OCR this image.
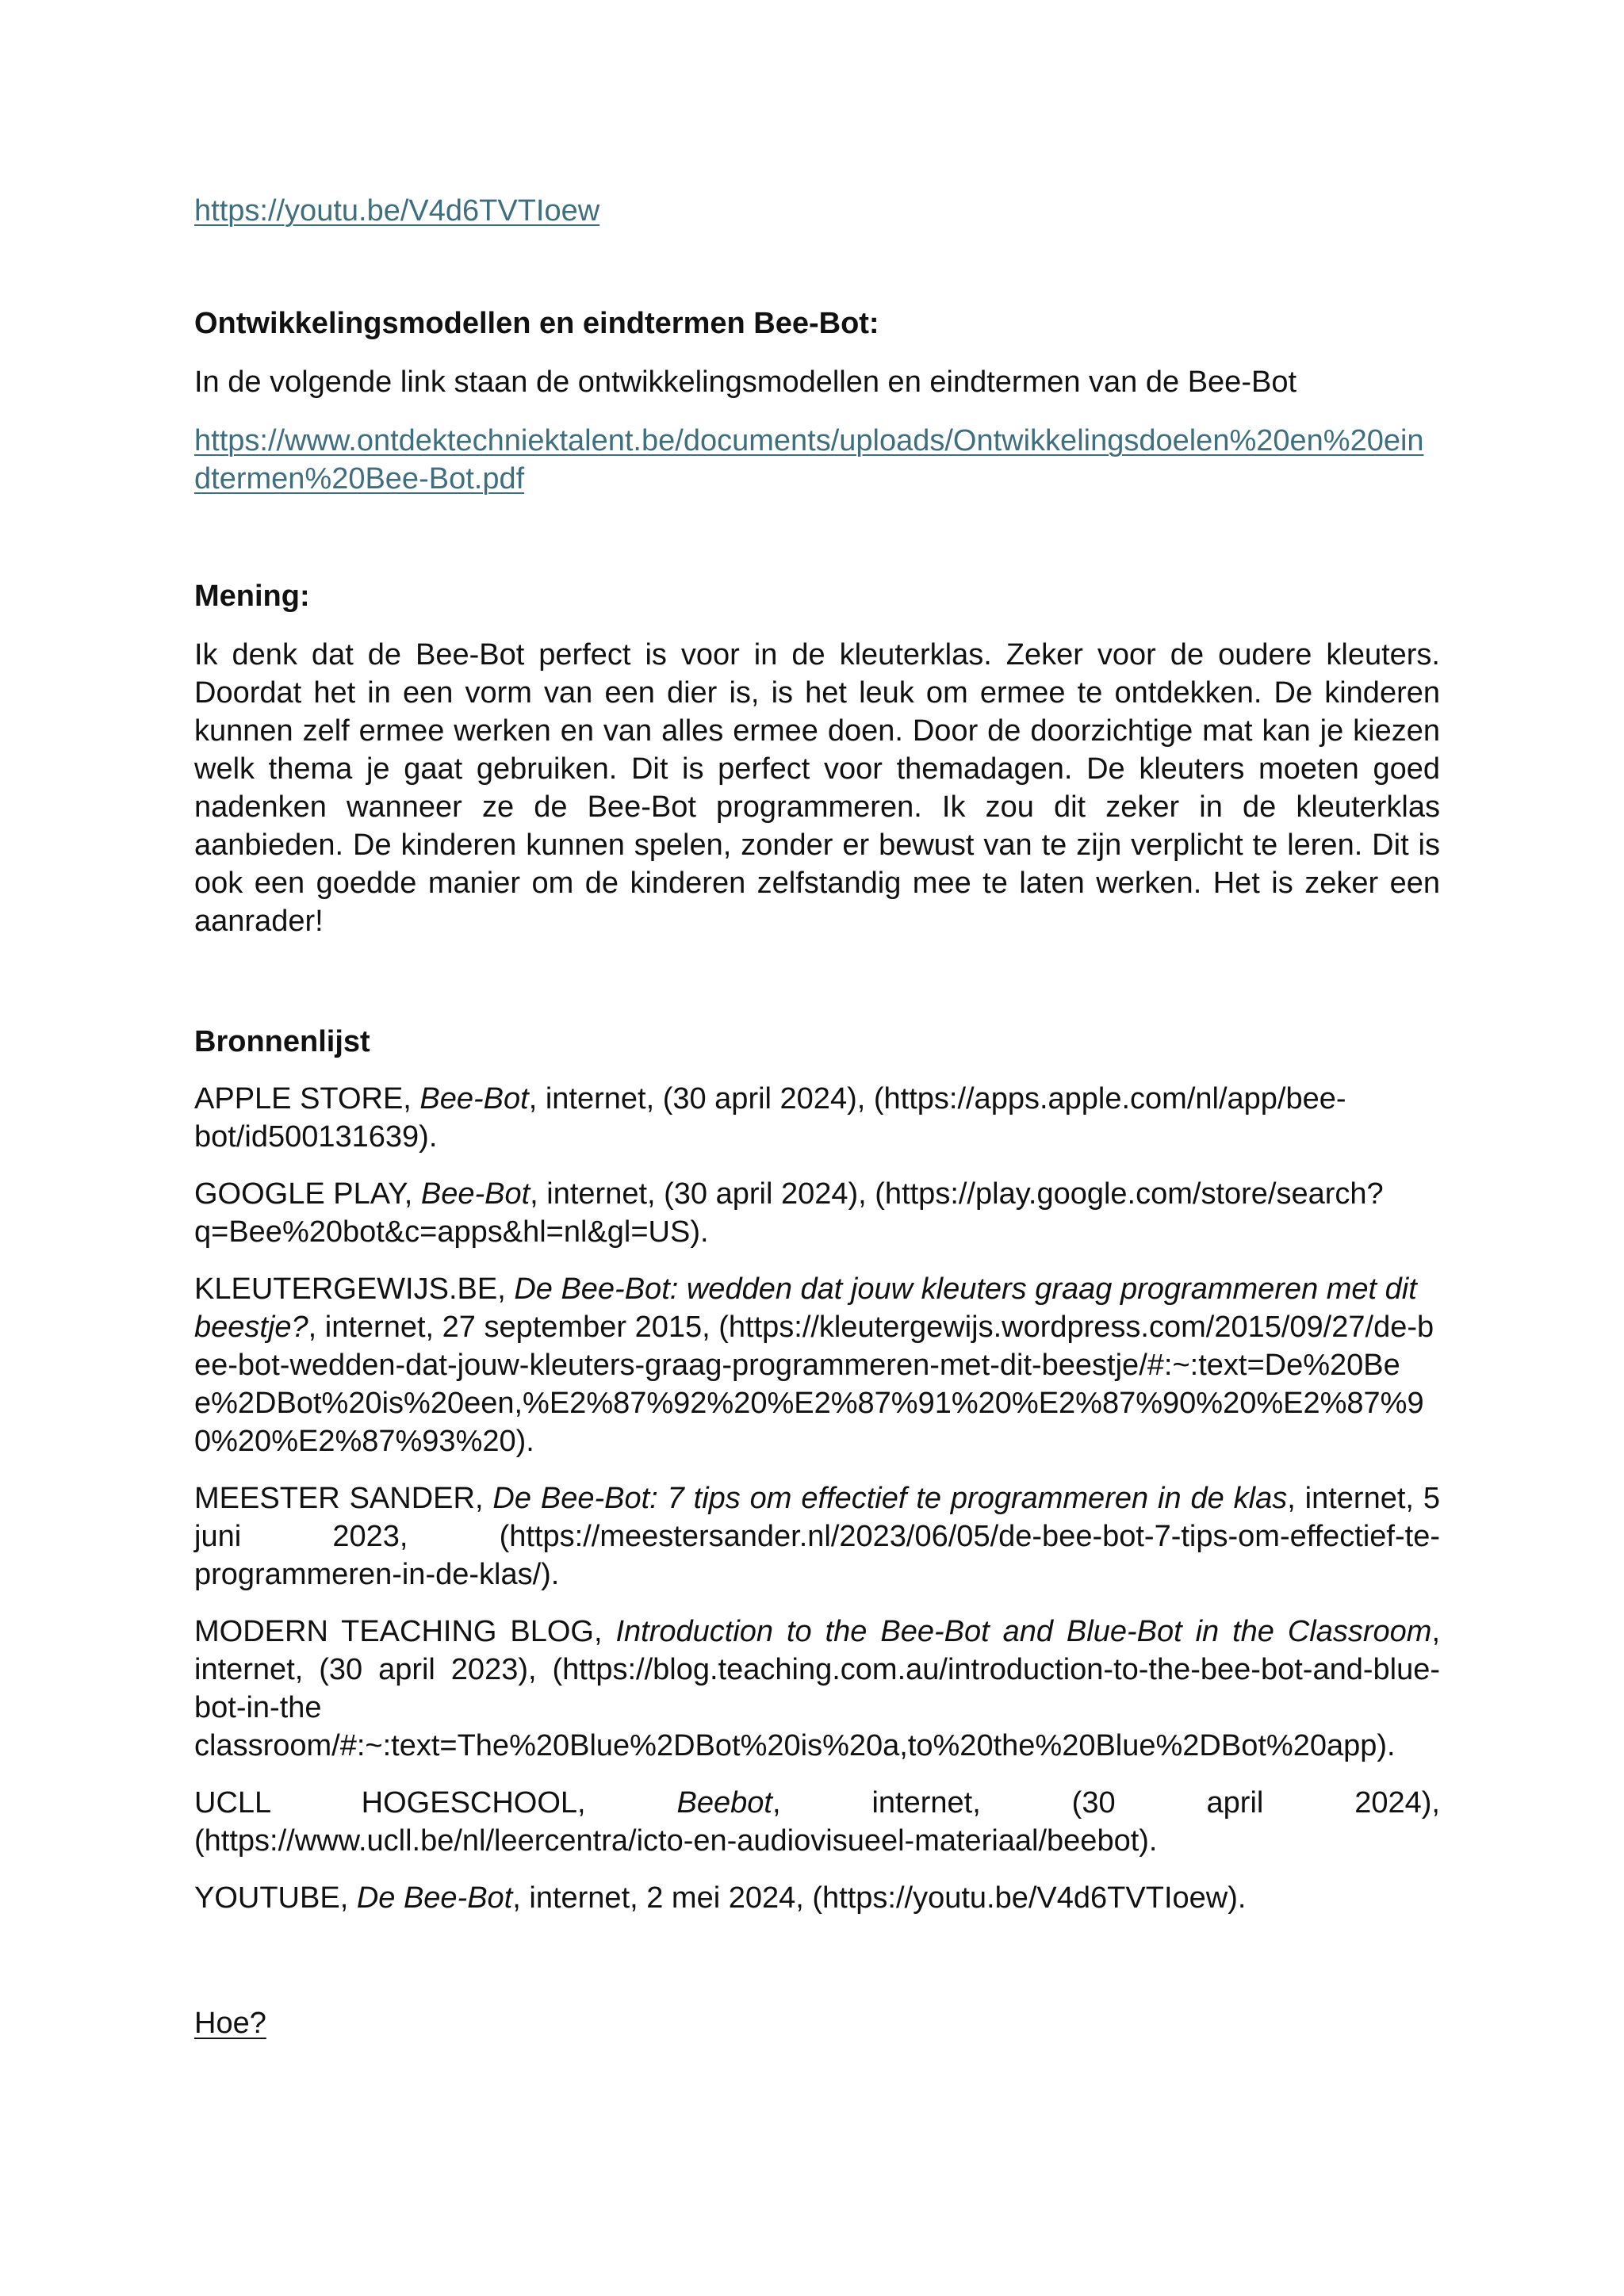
https://youtu.be/V4d6TVTIoew

Ontwikkelingsmodellen en eindtermen Bee-Bot:

In de volgende link staan de ontwikkelingsmodellen en eindtermen van de Bee-Bot

https://www.ontdektechniektalent.be/documents/uploads/Ontwikkelingsdoelen%20en%20eindtermen%20Bee-Bot.pdf

Mening:

Ik denk dat de Bee-Bot perfect is voor in de kleuterklas. Zeker voor de oudere kleuters. Doordat het in een vorm van een dier is, is het leuk om ermee te ontdekken. De kinderen kunnen zelf ermee werken en van alles ermee doen. Door de doorzichtige mat kan je kiezen welk thema je gaat gebruiken. Dit is perfect voor themadagen. De kleuters moeten goed nadenken wanneer ze de Bee-Bot programmeren. Ik zou dit zeker in de kleuterklas aanbieden. De kinderen kunnen spelen, zonder er bewust van te zijn verplicht te leren. Dit is ook een goedde manier om de kinderen zelfstandig mee te laten werken. Het is zeker een aanrader!

Bronnenlijst

APPLE STORE, Bee-Bot, internet, (30 april 2024), (https://apps.apple.com/nl/app/bee-bot/id500131639).

GOOGLE PLAY, Bee-Bot, internet, (30 april 2024), (https://play.google.com/store/search?q=Bee%20bot&c=apps&hl=nl&gl=US).

KLEUTERGEWIJS.BE, De Bee-Bot: wedden dat jouw kleuters graag programmeren met dit beestje?, internet, 27 september 2015, (https://kleutergewijs.wordpress.com/2015/09/27/de-bee-bot-wedden-dat-jouw-kleuters-graag-programmeren-met-dit-beestje/#:~:text=De%20Bee%2DBot%20is%20een,%E2%87%92%20%E2%87%91%20%E2%87%90%20%E2%87%90%20%E2%87%93%20).

MEESTER SANDER, De Bee-Bot: 7 tips om effectief te programmeren in de klas, internet, 5 juni 2023, (https://meestersander.nl/2023/06/05/de-bee-bot-7-tips-om-effectief-te-programmeren-in-de-klas/).

MODERN TEACHING BLOG, Introduction to the Bee-Bot and Blue-Bot in the Classroom, internet, (30 april 2023), (https://blog.teaching.com.au/introduction-to-the-bee-bot-and-blue-bot-in-the classroom/#:~:text=The%20Blue%2DBot%20is%20a,to%20the%20Blue%2DBot%20app).

UCLL HOGESCHOOL, Beebot, internet, (30 april 2024), (https://www.ucll.be/nl/leercentra/icto-en-audiovisueel-materiaal/beebot).

YOUTUBE, De Bee-Bot, internet, 2 mei 2024, (https://youtu.be/V4d6TVTIoew).

Hoe?
